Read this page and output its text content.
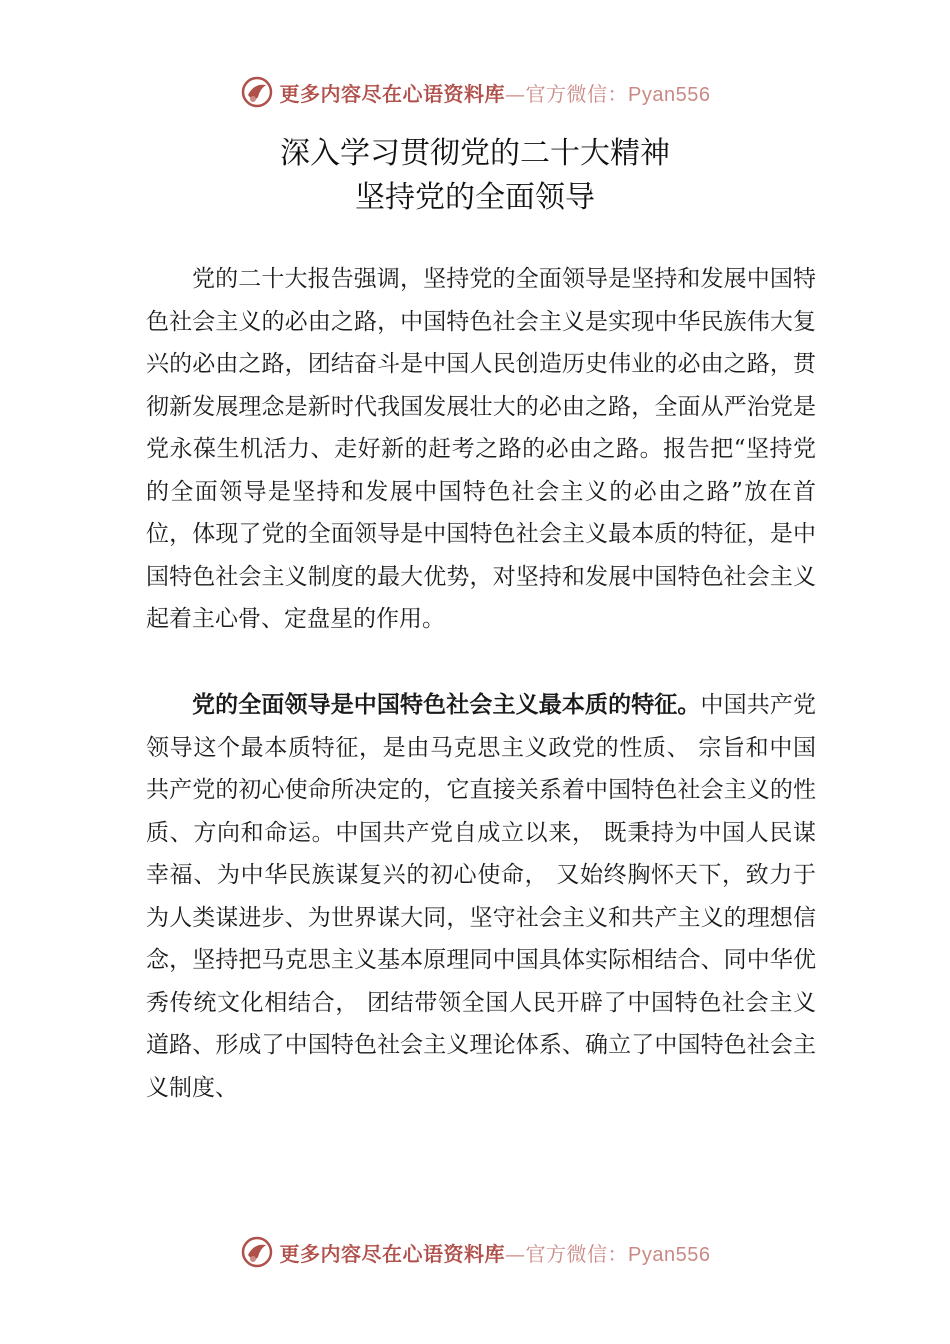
更多内容尽在心语资料库—官方微信：Pyan556
深入学习贯彻党的二十大精神
坚持党的全面领导

党的二十大报告强调，坚持党的全面领导是坚持和发展中国特色社会主义的必由之路，中国特色社会主义是实现中华民族伟大复兴的必由之路，团结奋斗是中国人民创造历史伟业的必由之路，贯彻新发展理念是新时代我国发展壮大的必由之路，全面从严治党是党永葆生机活力、走好新的赶考之路的必由之路。报告把“坚持党的全面领导是坚持和发展中国特色社会主义的必由之路”放在首位，体现了党的全面领导是中国特色社会主义最本质的特征，是中国特色社会主义制度的最大优势，对坚持和发展中国特色社会主义起着主心骨、定盘星的作用。

党的全面领导是中国特色社会主义最本质的特征。中国共产党领导这个最本质特征，是由马克思主义政党的性质、 宗旨和中国共产党的初心使命所决定的，它直接关系着中国特色社会主义的性质、方向和命运。中国共产党自成立以来， 既秉持为中国人民谋幸福、为中华民族谋复兴的初心使命， 又始终胸怀天下，致力于为人类谋进步、为世界谋大同，坚守社会主义和共产主义的理想信念，坚持把马克思主义基本原理同中国具体实际相结合、同中华优秀传统文化相结合， 团结带领全国人民开辟了中国特色社会主义道路、形成了中国特色社会主义理论体系、确立了中国特色社会主义制度、

更多内容尽在心语资料库—官方微信：Pyan556
